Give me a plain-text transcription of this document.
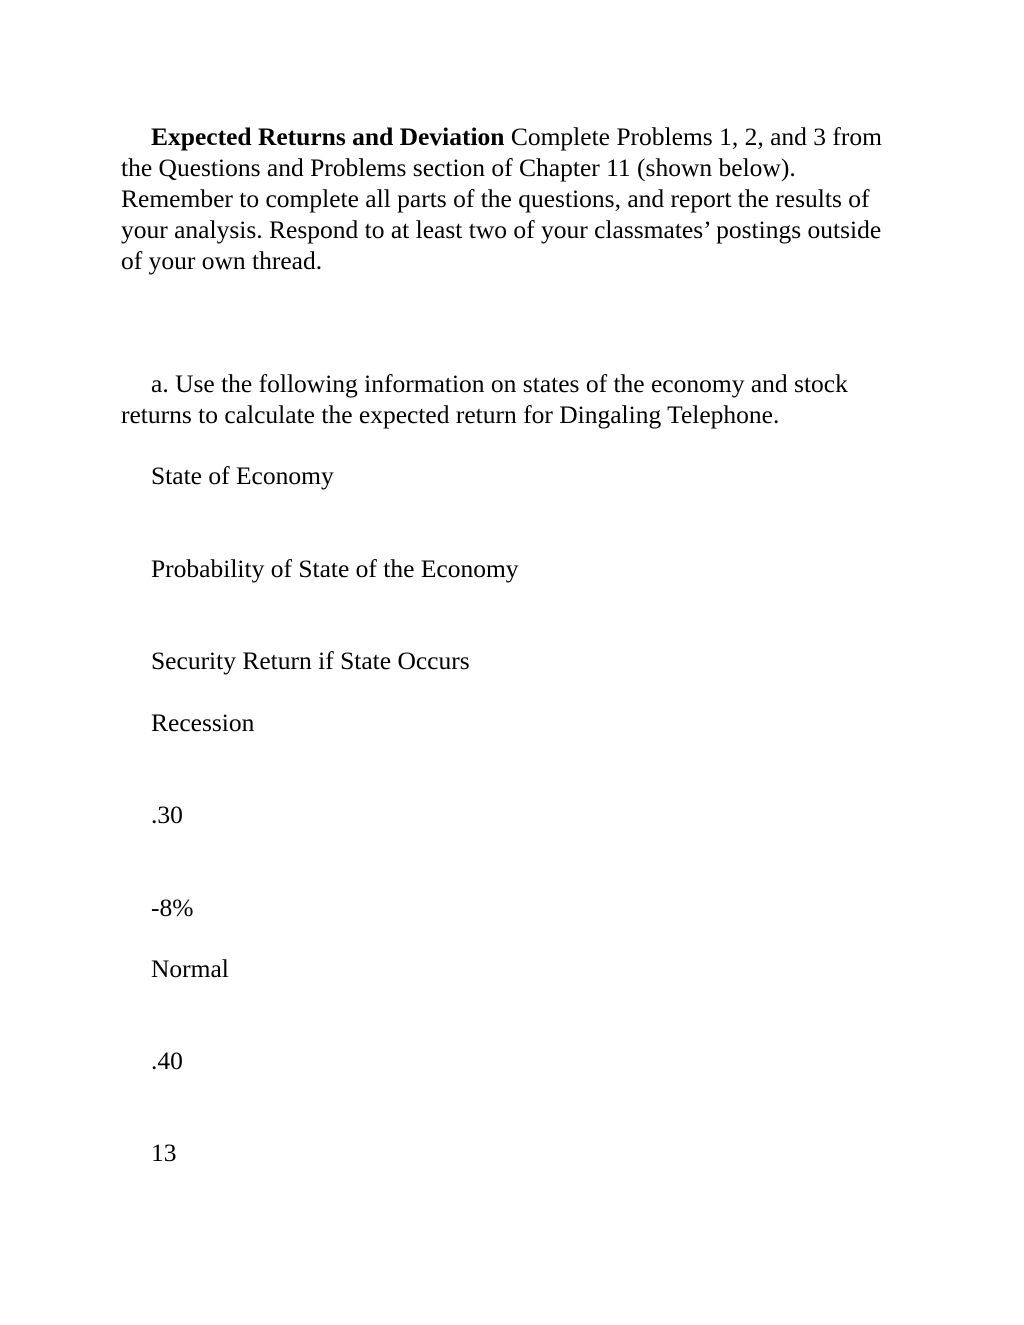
Expected Returns and Deviation Complete Problems 1, 2, and 3 from the Questions and Problems section of Chapter 11 (shown below). Remember to complete all parts of the questions, and report the results of your analysis. Respond to at least two of your classmates’ postings outside of your own thread.

a. Use the following information on states of the economy and stock returns to calculate the expected return for Dingaling Telephone.

State of Economy

Probability of State of the Economy

Security Return if State Occurs

Recession

.30

-8%

Normal

.40

13
